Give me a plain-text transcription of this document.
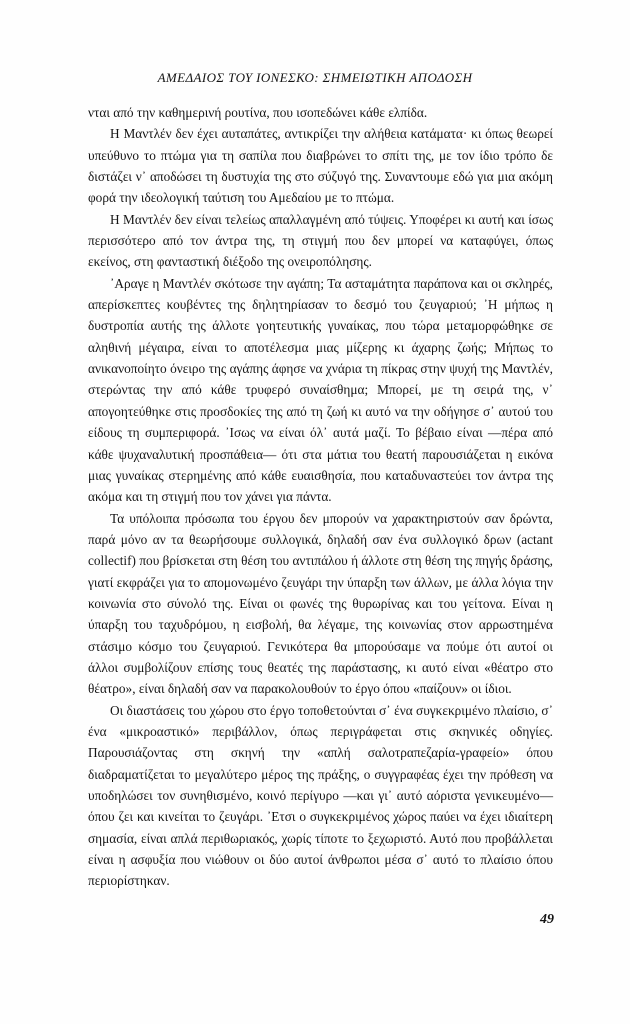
ΑΜΕΔΑΙΟΣ ΤΟΥ ΙΟΝΕΣΚΟ: ΣΗΜΕΙΩΤΙΚΗ ΑΠΟΔΟΣΗ

νται από την καθημερινή ρουτίνα, που ισοπεδώνει κάθε ελπίδα.

Η Μαντλέν δεν έχει αυταπάτες, αντικρίζει την αλήθεια κατάματα· κι όπως θεωρεί υπεύθυνο το πτώμα για τη σαπίλα που διαβρώνει το σπίτι της, με τον ίδιο τρόπο δε διστάζει ν᾽ αποδώσει τη δυστυχία της στο σύζυγό της. Συναντουμε εδώ για μια ακόμη φορά την ιδεολογική ταύτιση του Αμεδαίου με το πτώμα.

Η Μαντλέν δεν είναι τελείως απαλλαγμένη από τύψεις. Υποφέρει κι αυτή και ίσως περισσότερο από τον άντρα της, τη στιγμή που δεν μπορεί να καταφύγει, όπως εκείνος, στη φανταστική διέξοδο της ονειροπόλησης.

᾽Αραγε η Μαντλέν σκότωσε την αγάπη; Τα ασταμάτητα παράπονα και οι σκληρές, απερίσκεπτες κουβέντες της δηλητηρίασαν το δεσμό του ζευγαριού; ᾽Η μήπως η δυστροπία αυτής της άλλοτε γοητευτικής γυναίκας, που τώρα μεταμορφώθηκε σε αληθινή μέγαιρα, είναι το αποτέλεσμα μιας μίζερης κι άχαρης ζωής; Μήπως το ανικανοποίητο όνειρο της αγάπης άφησε να χνάρια τη πίκρας στην ψυχή της Μαντλέν, στερώντας την από κάθε τρυφερό συναίσθημα; Μπορεί, με τη σειρά της, ν᾽ απογοητεύθηκε στις προσδοκίες της από τη ζωή κι αυτό να την οδήγησε σ᾽ αυτού του είδους τη συμπεριφορά. ᾽Ισως να είναι όλ᾽ αυτά μαζί. Το βέβαιο είναι —πέρα από κάθε ψυχαναλυτική προσπάθεια— ότι στα μάτια του θεατή παρουσιάζεται η εικόνα μιας γυναίκας στερημένης από κάθε ευαισθησία, που καταδυναστεύει τον άντρα της ακόμα και τη στιγμή που τον χάνει για πάντα.

Τα υπόλοιπα πρόσωπα του έργου δεν μπορούν να χαρακτηριστούν σαν δρώντα, παρά μόνο αν τα θεωρήσουμε συλλογικά, δηλαδή σαν ένα συλλογικό δρων (actant collectif) που βρίσκεται στη θέση του αντιπάλου ή άλλοτε στη θέση της πηγής δράσης, γιατί εκφράζει για το απομονωμένο ζευγάρι την ύπαρξη των άλλων, με άλλα λόγια την κοινωνία στο σύνολό της. Είναι οι φωνές της θυρωρίνας και του γείτονα. Είναι η ύπαρξη του ταχυδρόμου, η εισβολή, θα λέγαμε, της κοινωνίας στον αρρωστημένα στάσιμο κόσμο του ζευγαριού. Γενικότερα θα μπορούσαμε να πούμε ότι αυτοί οι άλλοι συμβολίζουν επίσης τους θεατές της παράστασης, κι αυτό είναι «θέατρο στο θέατρο», είναι δηλαδή σαν να παρακολουθούν το έργο όπου «παίζουν» οι ίδιοι.

Οι διαστάσεις του χώρου στο έργο τοποθετούνται σ᾽ ένα συγκεκριμένο πλαίσιο, σ᾽ ένα «μικροαστικό» περιβάλλον, όπως περιγράφεται στις σκηνικές οδηγίες. Παρουσιάζοντας στη σκηνή την «απλή σαλοτραπεζαρία-γραφείο» όπου διαδραματίζεται το μεγαλύτερο μέρος της πράξης, ο συγγραφέας έχει την πρόθεση να υποδηλώσει τον συνηθισμένο, κοινό περίγυρο —και γι᾽ αυτό αόριστα γενικευμένο— όπου ζει και κινείται το ζευγάρι. ᾽Ετσι ο συγκεκριμένος χώρος παύει να έχει ιδιαίτερη σημασία, είναι απλά περιθωριακός, χωρίς τίποτε το ξεχωριστό. Αυτό που προβάλλεται είναι η ασφυξία που νιώθουν οι δύο αυτοί άνθρωποι μέσα σ᾽ αυτό το πλαίσιο όπου περιορίστηκαν.

49
